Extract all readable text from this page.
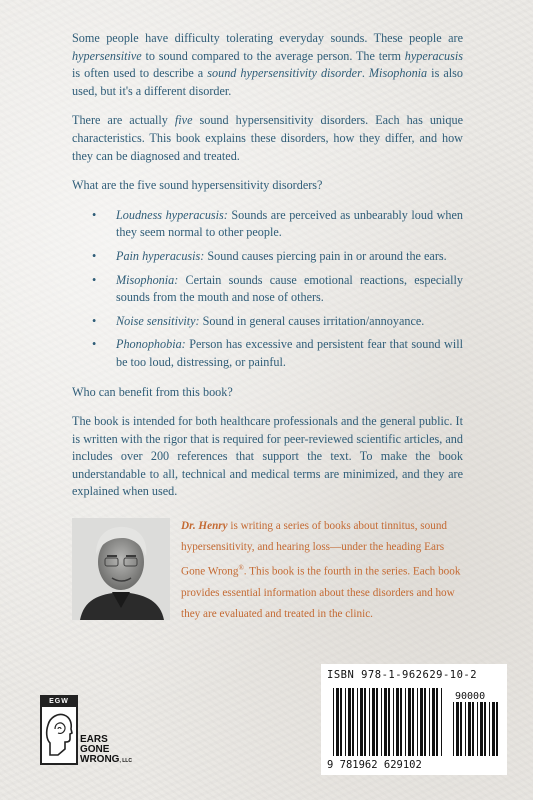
Some people have difficulty tolerating everyday sounds. These people are hypersensitive to sound compared to the average person. The term hyperacusis is often used to describe a sound hypersensitivity disorder. Misophonia is also used, but it's a different disorder.

There are actually five sound hypersensitivity disorders. Each has unique characteristics. This book explains these disorders, how they differ, and how they can be diagnosed and treated.

What are the five sound hypersensitivity disorders?

• Loudness hyperacusis: Sounds are perceived as unbearably loud when they seem normal to other people.
• Pain hyperacusis: Sound causes piercing pain in or around the ears.
• Misophonia: Certain sounds cause emotional reactions, especially sounds from the mouth and nose of others.
• Noise sensitivity: Sound in general causes irritation/annoyance.
• Phonophobia: Person has excessive and persistent fear that sound will be too loud, distressing, or painful.

Who can benefit from this book?

The book is intended for both healthcare professionals and the general public. It is written with the rigor that is required for peer-reviewed scientific articles, and includes over 200 references that support the text. To make the book understandable to all, technical and medical terms are minimized, and they are explained when used.

Dr. Henry is writing a series of books about tinnitus, sound hypersensitivity, and hearing loss—under the heading Ears Gone Wrong®. This book is the fourth in the series. Each book provides essential information about these disorders and how they are evaluated and treated in the clinic.
EGW
EARS
GONE
WRONG, LLC
ISBN 978-1-962629-10-2
90000
9 781962 629102
